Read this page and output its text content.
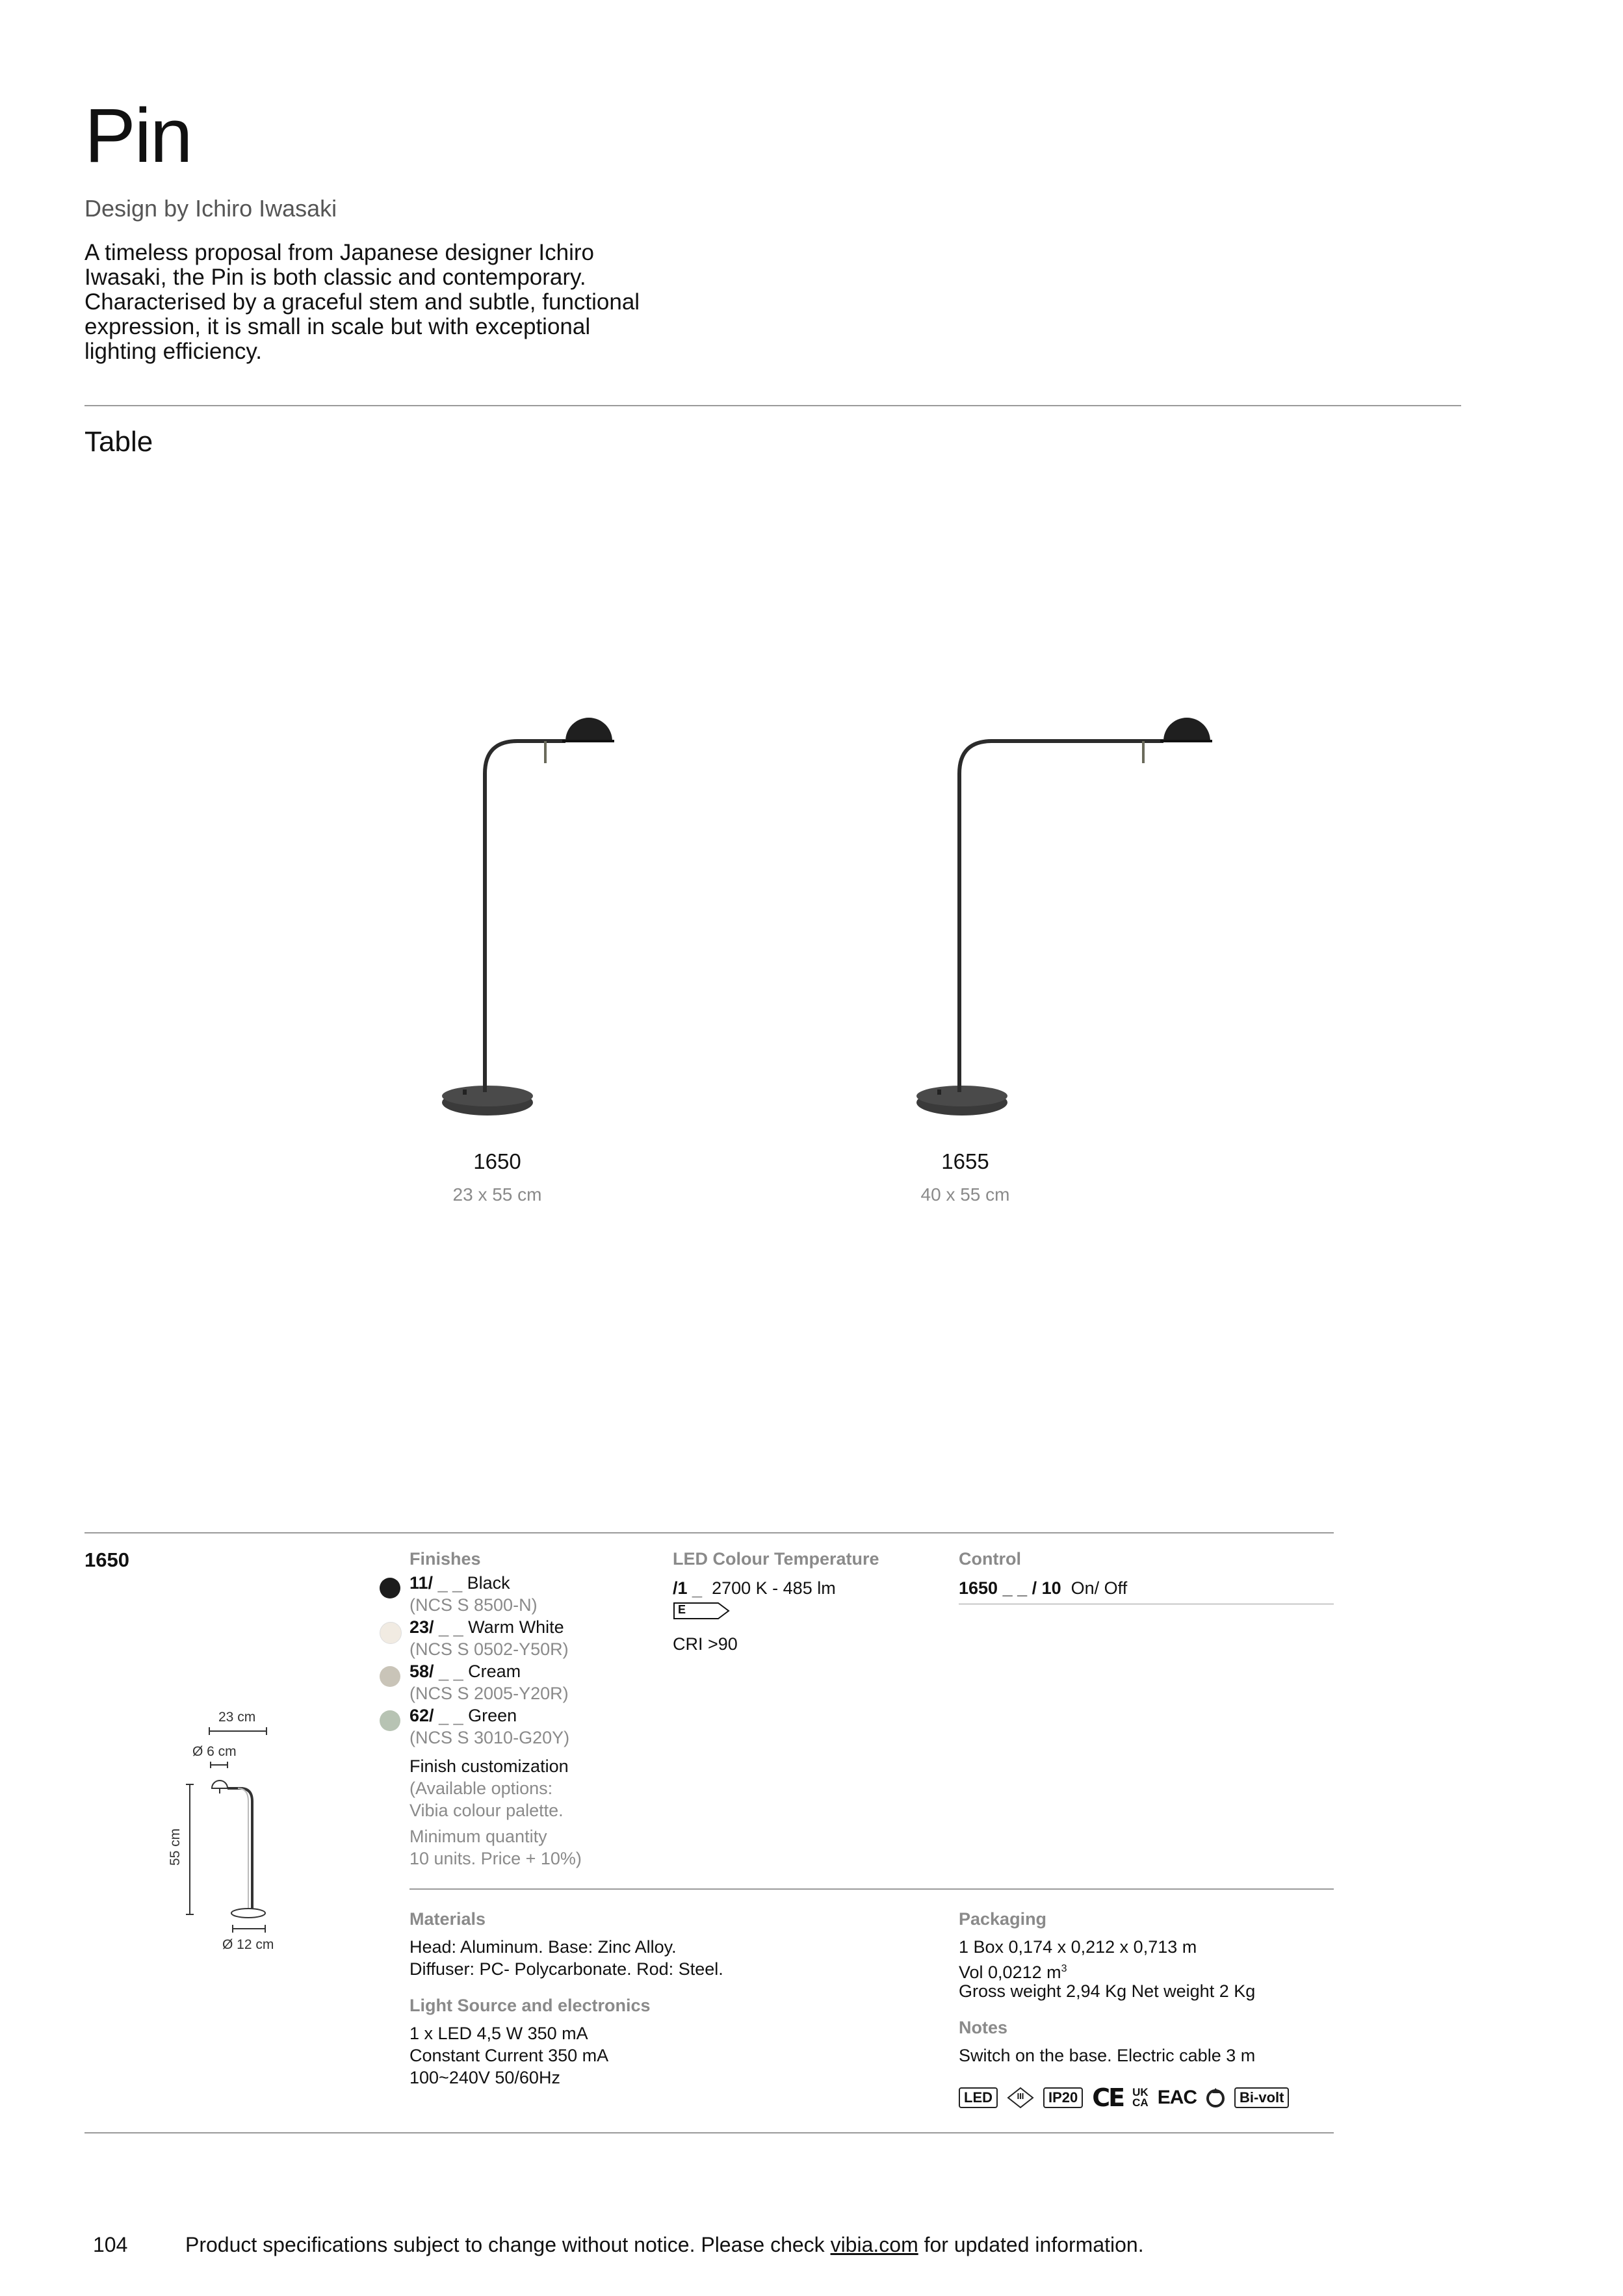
Pin
Design by Ichiro Iwasaki
A timeless proposal from Japanese designer Ichiro Iwasaki, the Pin is both classic and contemporary. Characterised by a graceful stem and subtle, functional expression, it is small in scale but with exceptional lighting efficiency.
Table
1650
23 x 55 cm
1655
40 x 55 cm
1650
23 cm
Ø 6 cm
55 cm
Ø 12 cm
Finishes
11/ _ _ Black
(NCS S 8500-N)
23/ _ _ Warm White
(NCS S 0502-Y50R)
58/ _ _ Cream
(NCS S 2005-Y20R)
62/ _ _ Green
(NCS S 3010-G20Y)
Finish customization
(Available options:
Vibia colour palette.
Minimum quantity
10 units. Price + 10%)
LED Colour Temperature
/1 _ 2700 K - 485 lm
E
CRI >90
Control
1650 _ _ / 10 On/ Off
Materials
Head: Aluminum. Base: Zinc Alloy.
Diffuser: PC- Polycarbonate. Rod: Steel.
Light Source and electronics
1 x LED 4,5 W 350 mA
Constant Current 350 mA
100~240V 50/60Hz
Packaging
1 Box 0,174 x 0,212 x 0,713 m
Vol 0,0212 $m^3$
Gross weight 2,94 Kg Net weight 2 Kg
Notes
Switch on the base. Electric cable 3 m
LED	III	IP20 CE UK
CA EAC	Bi-volt
104	Product specifications subject to change without notice. Please check vibia.com for updated information.
